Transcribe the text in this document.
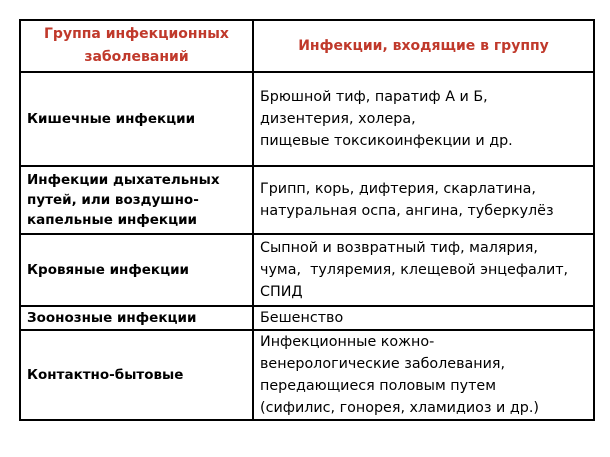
Группа инфекционных
заболеваний	Инфекции, входящие в группу

Кишечные инфекции	Брюшной тиф, паратиф А и Б,
дизентерия, холера,
пищевые токсикоинфекции и др.

Инфекции дыхательных
путей, или воздушно-
капельные инфекции	Грипп, корь, дифтерия, скарлатина,
натуральная оспа, ангина, туберкулёз

Кровяные инфекции	Сыпной и возвратный тиф, малярия,
чума,  туляремия, клещевой энцефалит,
СПИД

Зоонозные инфекции	Бешенство

Контактно-бытовые	Инфекционные кожно-
венерологические заболевания,
передающиеся половым путем
(сифилис, гонорея, хламидиоз и др.)
